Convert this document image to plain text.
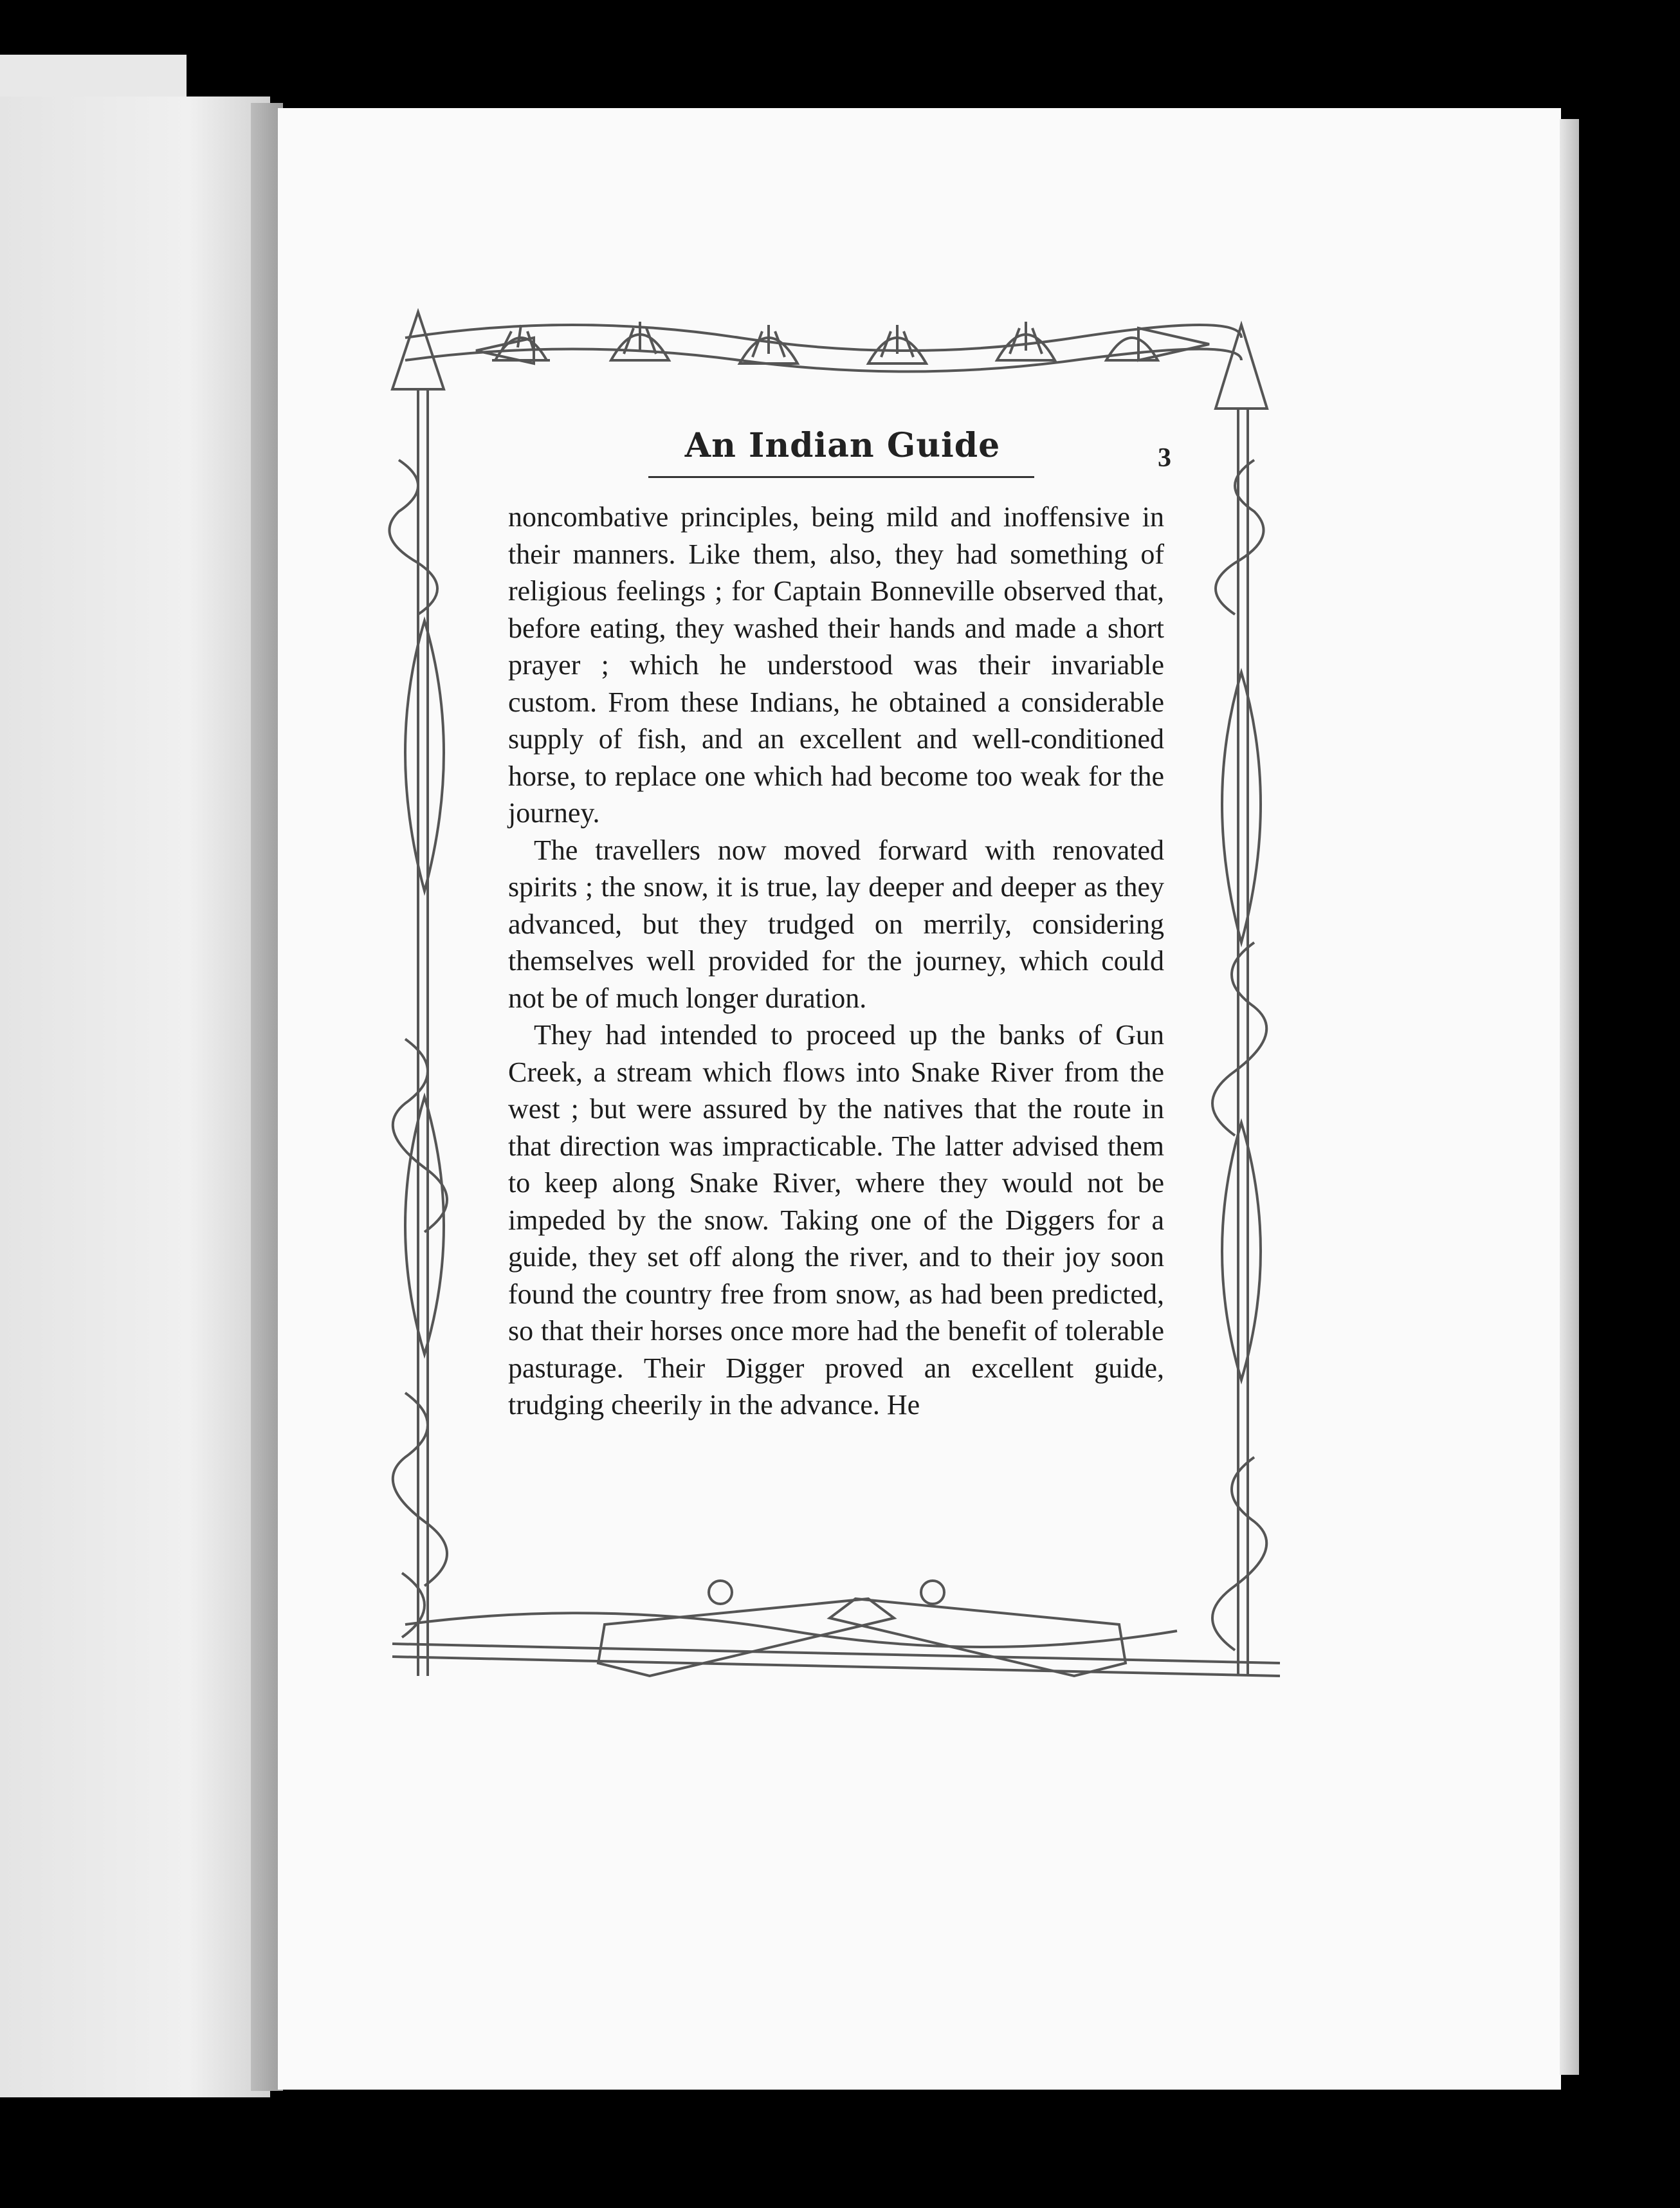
An Indian Guide	3

noncombative principles, being mild and inoffensive in their manners. Like them, also, they had something of religious feelings ; for Captain Bonneville observed that, before eating, they washed their hands and made a short prayer ; which he understood was their invariable custom. From these Indians, he obtained a considerable supply of fish, and an excellent and well-conditioned horse, to replace one which had become too weak for the journey.

The travellers now moved forward with renovated spirits ; the snow, it is true, lay deeper and deeper as they advanced, but they trudged on merrily, considering themselves well provided for the journey, which could not be of much longer duration.

They had intended to proceed up the banks of Gun Creek, a stream which flows into Snake River from the west ; but were assured by the natives that the route in that direction was impracticable. The latter advised them to keep along Snake River, where they would not be impeded by the snow. Taking one of the Diggers for a guide, they set off along the river, and to their joy soon found the country free from snow, as had been predicted, so that their horses once more had the benefit of tolerable pasturage. Their Digger proved an excellent guide, trudging cheerily in the advance. He
